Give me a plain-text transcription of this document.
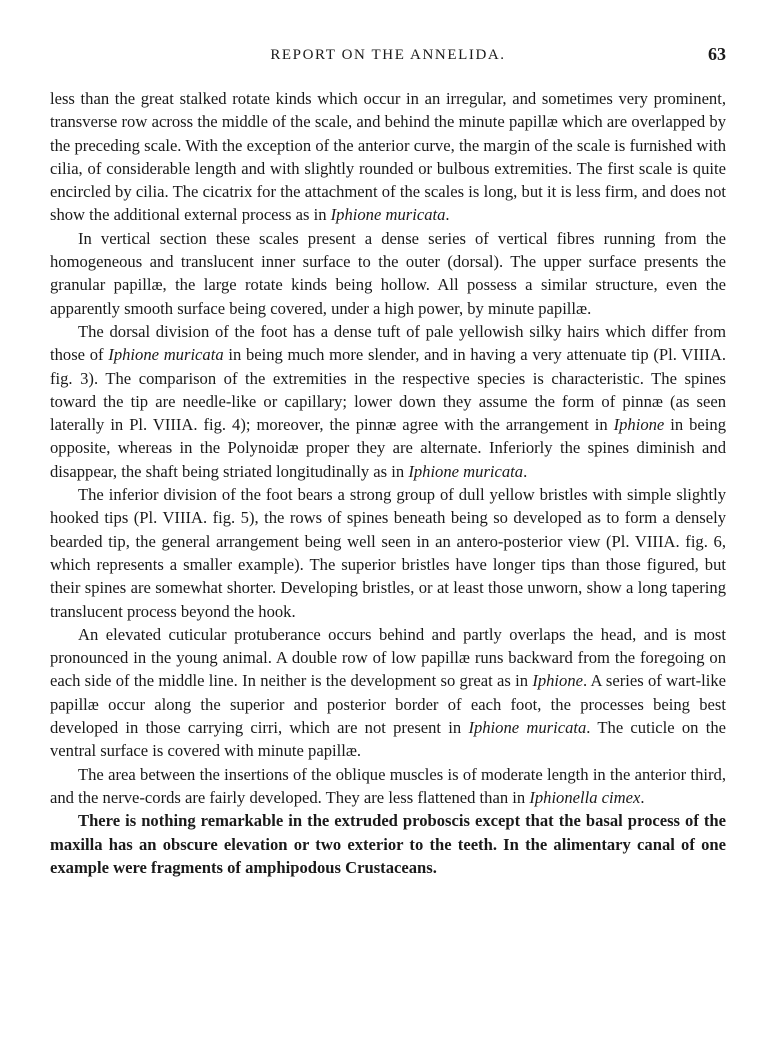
REPORT ON THE ANNELIDA.	63

less than the great stalked rotate kinds which occur in an irregular, and sometimes very prominent, transverse row across the middle of the scale, and behind the minute papillæ which are overlapped by the preceding scale. With the exception of the anterior curve, the margin of the scale is furnished with cilia, of considerable length and with slightly rounded or bulbous extremities. The first scale is quite encircled by cilia. The cicatrix for the attachment of the scales is long, but it is less firm, and does not show the additional external process as in Iphione muricata.

In vertical section these scales present a dense series of vertical fibres running from the homogeneous and translucent inner surface to the outer (dorsal). The upper surface presents the granular papillæ, the large rotate kinds being hollow. All possess a similar structure, even the apparently smooth surface being covered, under a high power, by minute papillæ.

The dorsal division of the foot has a dense tuft of pale yellowish silky hairs which differ from those of Iphione muricata in being much more slender, and in having a very attenuate tip (Pl. VIIIA. fig. 3). The comparison of the extremities in the respective species is characteristic. The spines toward the tip are needle-like or capillary; lower down they assume the form of pinnæ (as seen laterally in Pl. VIIIA. fig. 4); moreover, the pinnæ agree with the arrangement in Iphione in being opposite, whereas in the Polynoidæ proper they are alternate. Inferiorly the spines diminish and disappear, the shaft being striated longitudinally as in Iphione muricata.

The inferior division of the foot bears a strong group of dull yellow bristles with simple slightly hooked tips (Pl. VIIIA. fig. 5), the rows of spines beneath being so developed as to form a densely bearded tip, the general arrangement being well seen in an antero-posterior view (Pl. VIIIA. fig. 6, which represents a smaller example). The superior bristles have longer tips than those figured, but their spines are somewhat shorter. Developing bristles, or at least those unworn, show a long tapering translucent process beyond the hook.

An elevated cuticular protuberance occurs behind and partly overlaps the head, and is most pronounced in the young animal. A double row of low papillæ runs backward from the foregoing on each side of the middle line. In neither is the development so great as in Iphione. A series of wart-like papillæ occur along the superior and posterior border of each foot, the processes being best developed in those carrying cirri, which are not present in Iphione muricata. The cuticle on the ventral surface is covered with minute papillæ.

The area between the insertions of the oblique muscles is of moderate length in the anterior third, and the nerve-cords are fairly developed. They are less flattened than in Iphionella cimex.

There is nothing remarkable in the extruded proboscis except that the basal process of the maxilla has an obscure elevation or two exterior to the teeth. In the alimentary canal of one example were fragments of amphipodous Crustaceans.
